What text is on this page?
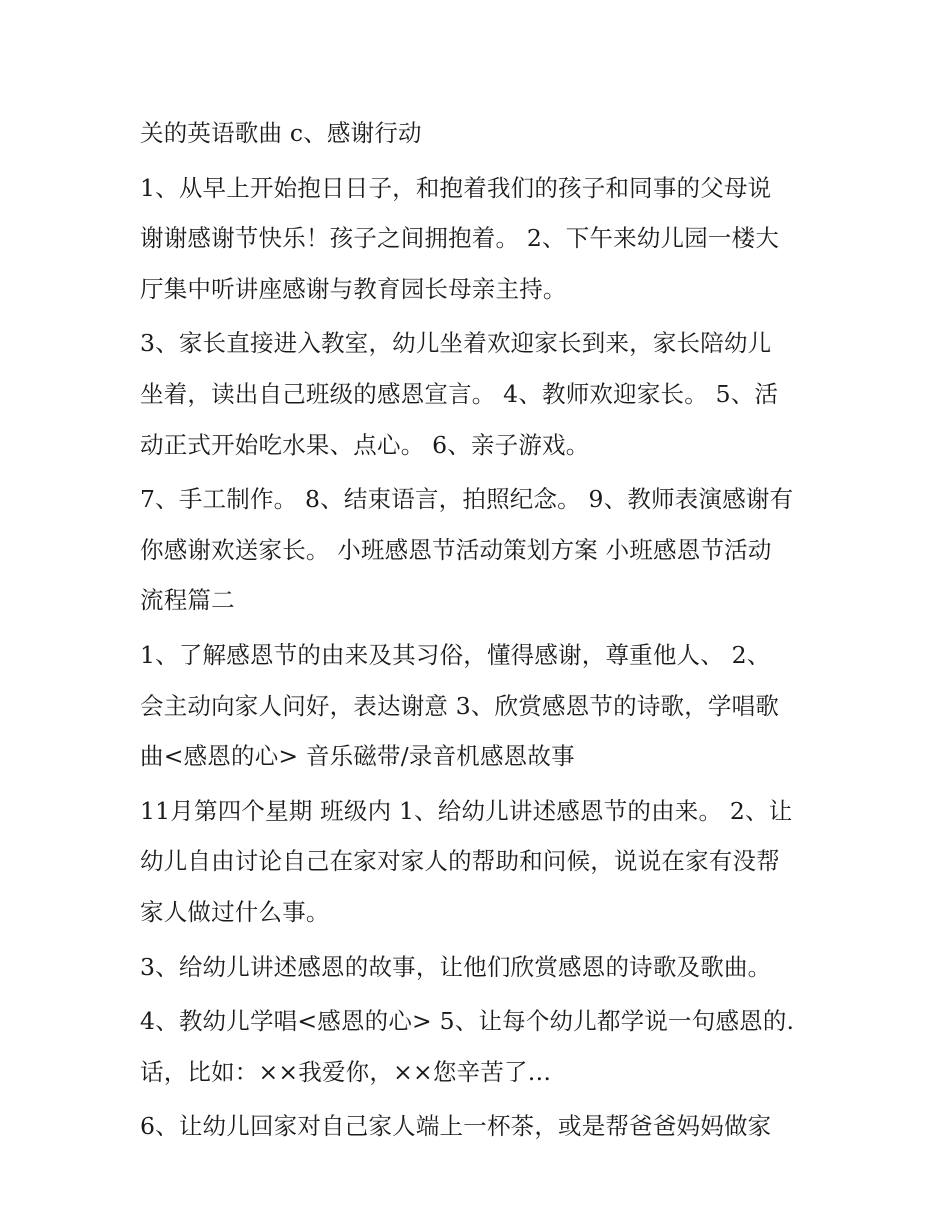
关的英语歌曲 c、感谢行动
1、从早上开始抱日日子，和抱着我们的孩子和同事的父母说
谢谢感谢节快乐！孩子之间拥抱着。 2、下午来幼儿园一楼大
厅集中听讲座感谢与教育园长母亲主持。
3、家长直接进入教室，幼儿坐着欢迎家长到来，家长陪幼儿
坐着，读出自己班级的感恩宣言。 4、教师欢迎家长。 5、活
动正式开始吃水果、点心。 6、亲子游戏。
7、手工制作。 8、结束语言，拍照纪念。 9、教师表演感谢有
你感谢欢送家长。 小班感恩节活动策划方案 小班感恩节活动
流程篇二
1、了解感恩节的由来及其习俗，懂得感谢，尊重他人、 2、
会主动向家人问好，表达谢意 3、欣赏感恩节的诗歌，学唱歌
曲<感恩的心> 音乐磁带/录音机感恩故事
11月第四个星期 班级内 1、给幼儿讲述感恩节的由来。 2、让
幼儿自由讨论自己在家对家人的帮助和问候，说说在家有没帮
家人做过什么事。
3、给幼儿讲述感恩的故事，让他们欣赏感恩的诗歌及歌曲。
4、教幼儿学唱<感恩的心> 5、让每个幼儿都学说一句感恩的.
话，比如：××我爱你，××您辛苦了…
6、让幼儿回家对自己家人端上一杯茶，或是帮爸爸妈妈做家
